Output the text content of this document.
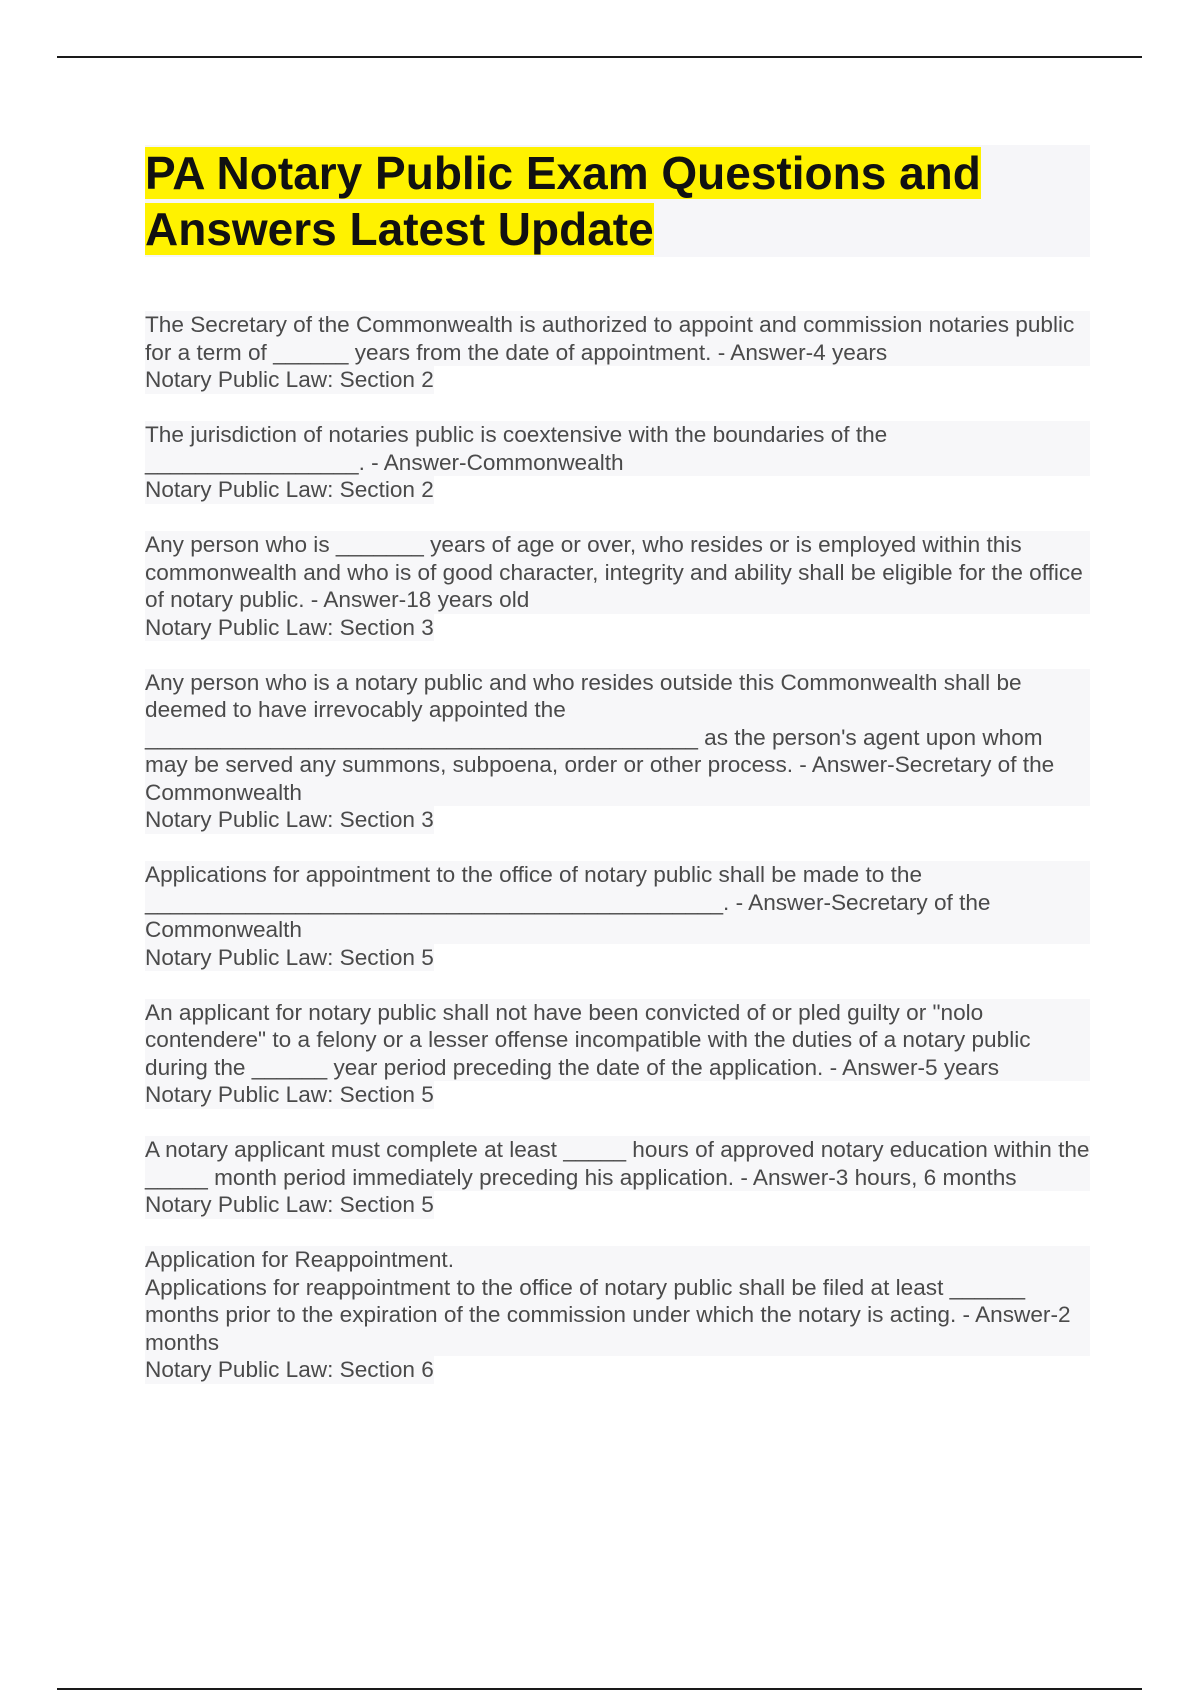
PA Notary Public Exam Questions and Answers Latest Update

The Secretary of the Commonwealth is authorized to appoint and commission notaries public for a term of ______ years from the date of appointment. - Answer-4 years

Notary Public Law: Section 2

The jurisdiction of notaries public is coextensive with the boundaries of the _________________. - Answer-Commonwealth

Notary Public Law: Section 2

Any person who is _______ years of age or over, who resides or is employed within this commonwealth and who is of good character, integrity and ability shall be eligible for the office of notary public. - Answer-18 years old

Notary Public Law: Section 3

Any person who is a notary public and who resides outside this Commonwealth shall be deemed to have irrevocably appointed the ____________________________________________ as the person's agent upon whom may be served any summons, subpoena, order or other process. - Answer-Secretary of the Commonwealth

Notary Public Law: Section 3

Applications for appointment to the office of notary public shall be made to the ______________________________________________. - Answer-Secretary of the Commonwealth

Notary Public Law: Section 5

An applicant for notary public shall not have been convicted of or pled guilty or "nolo contendere" to a felony or a lesser offense incompatible with the duties of a notary public during the ______ year period preceding the date of the application. - Answer-5 years

Notary Public Law: Section 5

A notary applicant must complete at least _____ hours of approved notary education within the _____ month period immediately preceding his application. - Answer-3 hours, 6 months

Notary Public Law: Section 5

Application for Reappointment.
Applications for reappointment to the office of notary public shall be filed at least ______ months prior to the expiration of the commission under which the notary is acting. - Answer-2 months

Notary Public Law: Section 6
